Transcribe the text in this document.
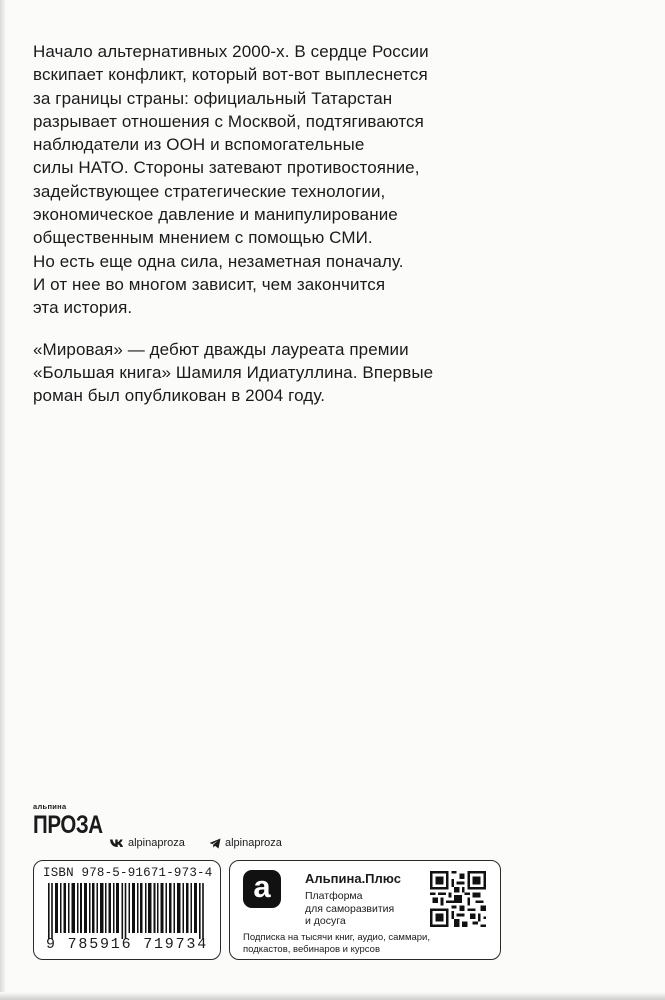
Начало альтернативных 2000-х. В сердце России
вскипает конфликт, который вот-вот выплеснется
за границы страны: официальный Татарстан
разрывает отношения с Москвой, подтягиваются
наблюдатели из ООН и вспомогательные
силы НАТО. Стороны затевают противостояние,
задействующее стратегические технологии,
экономическое давление и манипулирование
общественным мнением с помощью СМИ.
Но есть еще одна сила, незаметная поначалу.
И от нее во многом зависит, чем закончится
эта история.

«Мировая» — дебют дважды лауреата премии
«Большая книга» Шамиля Идиатуллина. Впервые
роман был опубликован в 2004 году.

альпина
ПРОЗА
alpinaproza	alpinaproza
ISBN 978-5-91671-973-4
9 785916 719734
a	Альпина.Плюс
Платформа
для саморазвития
и досуга
Подписка на тысячи книг, аудио, саммари,
подкастов, вебинаров и курсов
